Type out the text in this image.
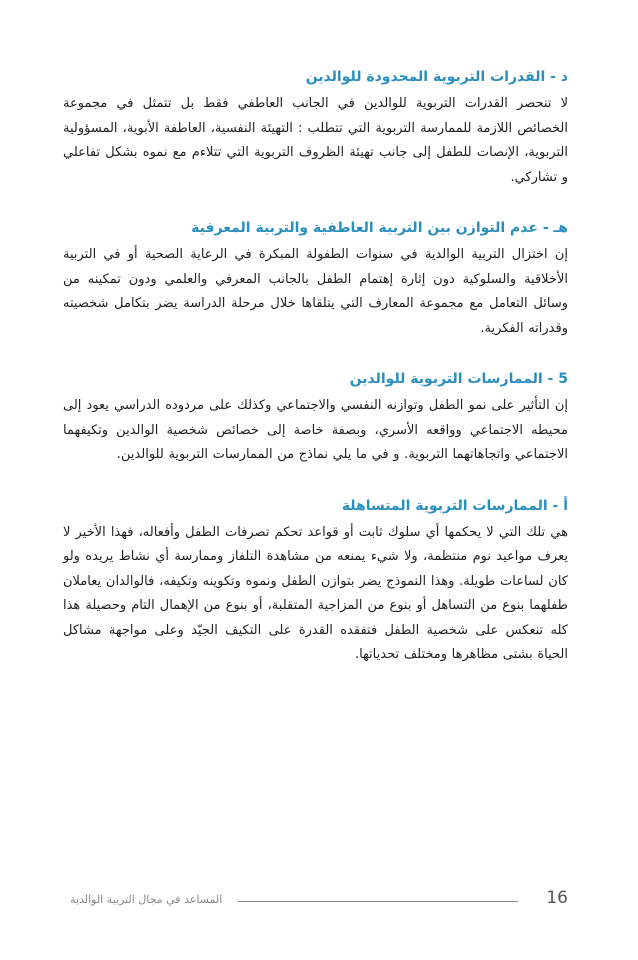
د - القدرات التربوية المحدودة للوالدين

لا تنحصر القدرات التربوية للوالدين في الجانب العاطفي فقط بل تتمثل في مجموعة الخصائص اللازمة للممارسة التربوية التي تتطلب : التهيئة النفسية، العاطفة الأبوية، المسؤولية التربوية، الإنصات للطفل إلى جانب تهيئة الظروف التربوية التي تتلاءم مع نموه بشكل تفاعلي و تشاركي.

هـ - عدم التوازن بين التربية العاطفية والتربية المعرفية

إن اختزال التربية الوالدية في سنوات الطفولة المبكرة في الرعاية الصحية أو في التربية الأخلاقية والسلوكية دون إثارة إهتمام الطفل بالجانب المعرفي والعلمي ودون تمكينه من وسائل التعامل مع مجموعة المعارف التي يتلقاها خلال مرحلة الدراسة يضر بتكامل شخصيته وقدراته الفكرية.

5 - الممارسات التربوية للوالدين

إن التأثير على نمو الطفل وتوازنه النفسي والاجتماعي وكذلك على مردوده الدراسي يعود إلى محيطه الاجتماعي وواقعه الأسري، وبصفة خاصة إلى خصائص شخصية الوالدين وتكيفهما الاجتماعي واتجاهاتهما التربوية. و في ما يلي نماذج من الممارسات التربوية للوالدين.

أ - الممارسات التربوية المتساهلة

هي تلك التي لا يحكمها أي سلوك ثابت أو قواعد تحكم تصرفات الطفل وأفعاله، فهذا الأخير لا يعرف مواعيد نوم منتظمة، ولا شيء يمنعه من مشاهدة التلفاز وممارسة أي نشاط يريده ولو كان لساعات طويلة. وهذا النموذج يضر بتوازن الطفل ونموه وتكوينه وتكيفه، فالوالدان يعاملان طفلهما بنوع من التساهل أو بنوع من المزاجية المتقلبة، أو بنوع من الإهمال التام وحصيلة هذا كله تنعكس على شخصية الطفل فتفقده القدرة على التكيف الجيّد وعلى مواجهة مشاكل الحياة بشتى مظاهرها ومختلف تحدياتها.

المساعد في مجال التربية الوالدية	16
